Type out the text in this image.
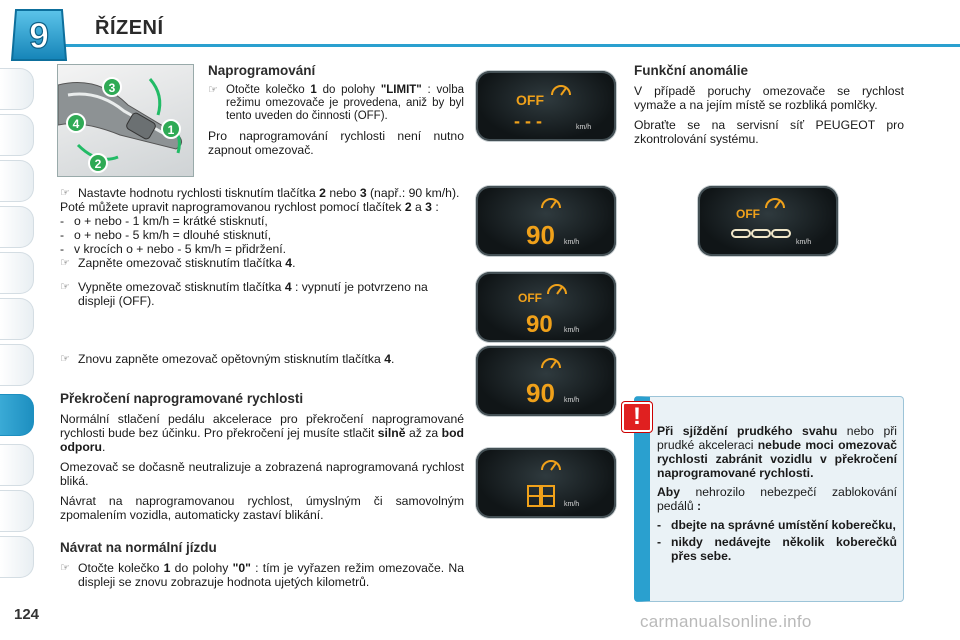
9 ŘÍZENÍ
3
4	1
2
Naprogramování
☞ Otočte kolečko 1 do polohy "LIMIT" : volba režimu omezovače je provedena, aniž by byl tento uveden do činnosti (OFF).

Pro naprogramování rychlosti není nutno zapnout omezovač.

☞ Nastavte hodnotu rychlosti tisknutím tlačítka 2 nebo 3 (např.: 90 km/h).

Poté můžete upravit naprogramovanou rychlost pomocí tlačítek 2 a 3 :

- o + nebo - 1 km/h = krátké stisknutí,
- o + nebo - 5 km/h = dlouhé stisknutí,
- v krocích o + nebo - 5 km/h = přidržení.
☞ Zapněte omezovač stisknutím tlačítka 4.
☞ Vypněte omezovač stisknutím tlačítka 4 : vypnutí je potvrzeno na displeji (OFF).
☞ Znovu zapněte omezovač opětovným stisknutím tlačítka 4.
Překročení naprogramované rychlosti

Normální stlačení pedálu akcelerace pro překročení naprogramované rychlosti bude bez účinku. Pro překročení jej musíte stlačit silně až za bod odporu.

Omezovač se dočasně neutralizuje a zobrazená naprogramovaná rychlost bliká.

Návrat na naprogramovanou rychlost, úmyslným či samovolným zpomalením vozidla, automaticky zastaví blikání.

Návrat na normální jízdu
☞ Otočte kolečko 1 do polohy "0" : tím je vyřazen režim omezovače. Na displeji se znovu zobrazuje hodnota ujetých kilometrů.
OFF
- - -	km/h
90 km/h
OFF
90 km/h
90 km/h
km/h
OFF
km/h
Funkční anomálie

V případě poruchy omezovače se rychlost vymaže a na jejím místě se rozbliká pomlčky.

Obraťte se na servisní síť PEUGEOT pro zkontrolování systému.

!

Při sjíždění prudkého svahu nebo při prudké akceleraci nebude moci omezovač rychlosti zabránit vozidlu v překročení naprogramované rychlosti.

Aby nehrozilo nebezpečí zablokování pedálů :

- dbejte na správné umístění koberečku,
- nikdy nedávejte několik koberečků přes sebe.
124	carmanualsonline.info
